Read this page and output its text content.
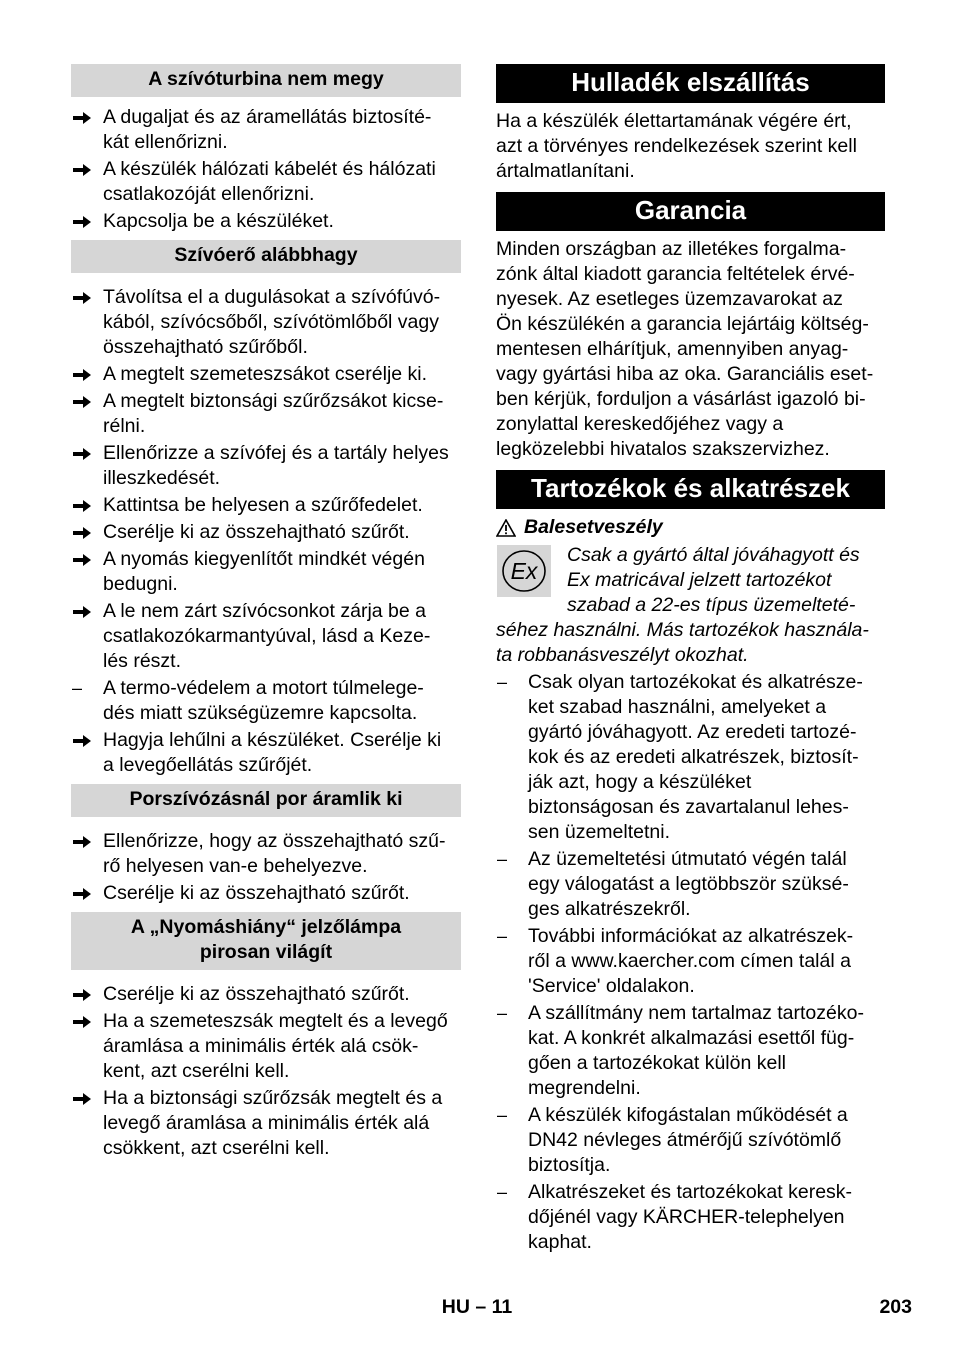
A szívóturbina nem megy
A dugaljat és az áramellátás biztosíté-
kát ellenőrizni.
A készülék hálózati kábelét és hálózati
csatlakozóját ellenőrizni.
Kapcsolja be a készüléket.
Szívóerő alábbhagy
Távolítsa el a dugulásokat a szívófúvó-
kából, szívócsőből, szívótömlőből vagy
összehajtható szűrőből.
A megtelt szemeteszsákot cserélje ki.
A megtelt biztonsági szűrőzsákot kicse-
rélni.
Ellenőrizze a szívófej és a tartály helyes
illeszkedését.
Kattintsa be helyesen a szűrőfedelet.
Cserélje ki az összehajtható szűrőt.
A nyomás kiegyenlítőt mindkét végén
bedugni.
A le nem zárt szívócsonkot zárja be a
csatlakozókarmantyúval, lásd a Keze-
lés részt.
–	A termo-védelem a motort túlmelege-
dés miatt szükségüzemre kapcsolta.
Hagyja lehűlni a készüléket. Cserélje ki
a levegőellátás szűrőjét.
Porszívózásnál por áramlik ki
Ellenőrizze, hogy az összehajtható szű-
rő helyesen van-e behelyezve.
Cserélje ki az összehajtható szűrőt.
A „Nyomáshiány“ jelzőlámpa
pirosan világít
Cserélje ki az összehajtható szűrőt.
Ha a szemeteszsák megtelt és a levegő
áramlása a minimális érték alá csök-
kent, azt cserélni kell.
Ha a biztonsági szűrőzsák megtelt és a
levegő áramlása a minimális érték alá
csökkent, azt cserélni kell.
Hulladék elszállítás

Ha a készülék élettartamának végére ért,
azt a törvényes rendelkezések szerint kell
ártalmatlanítani.

Garancia

Minden országban az illetékes forgalma-
zónk által kiadott garancia feltételek érvé-
nyesek. Az esetleges üzemzavarokat az
Ön készülékén a garancia lejártáig költség-
mentesen elhárítjuk, amennyiben anyag-
vagy gyártási hiba az oka. Garanciális eset-
ben kérjük, forduljon a vásárlást igazoló bi-
zonylattal kereskedőjéhez vagy a
legközelebbi hivatalos szakszervizhez.

Tartozékok és alkatrészek
Balesetveszély
Ex
Csak a gyártó által jóváhagyott és
Ex matricával jelzett tartozékot
szabad a 22-es típus üzemelteté-
séhez használni. Más tartozékok használa-
ta robbanásveszélyt okozhat.
–	Csak olyan tartozékokat és alkatrésze-
ket szabad használni, amelyeket a
gyártó jóváhagyott. Az eredeti tartozé-
kok és az eredeti alkatrészek, biztosít-
ják azt, hogy a készüléket
biztonságosan és zavartalanul lehes-
sen üzemeltetni.
–	Az üzemeltetési útmutató végén talál
egy válogatást a legtöbbször szüksé-
ges alkatrészekről.
–	További információkat az alkatrészek-
ről a www.kaercher.com címen talál a
'Service' oldalakon.
–	A szállítmány nem tartalmaz tartozéko-
kat. A konkrét alkalmazási esettől füg-
gően a tartozékokat külön kell
megrendelni.
–	A készülék kifogástalan működését a
DN42 névleges átmérőjű szívótömlő
biztosítja.
–	Alkatrészeket és tartozékokat keresk-
dőjénél vagy KÄRCHER-telephelyen
kaphat.
HU – 11	203
